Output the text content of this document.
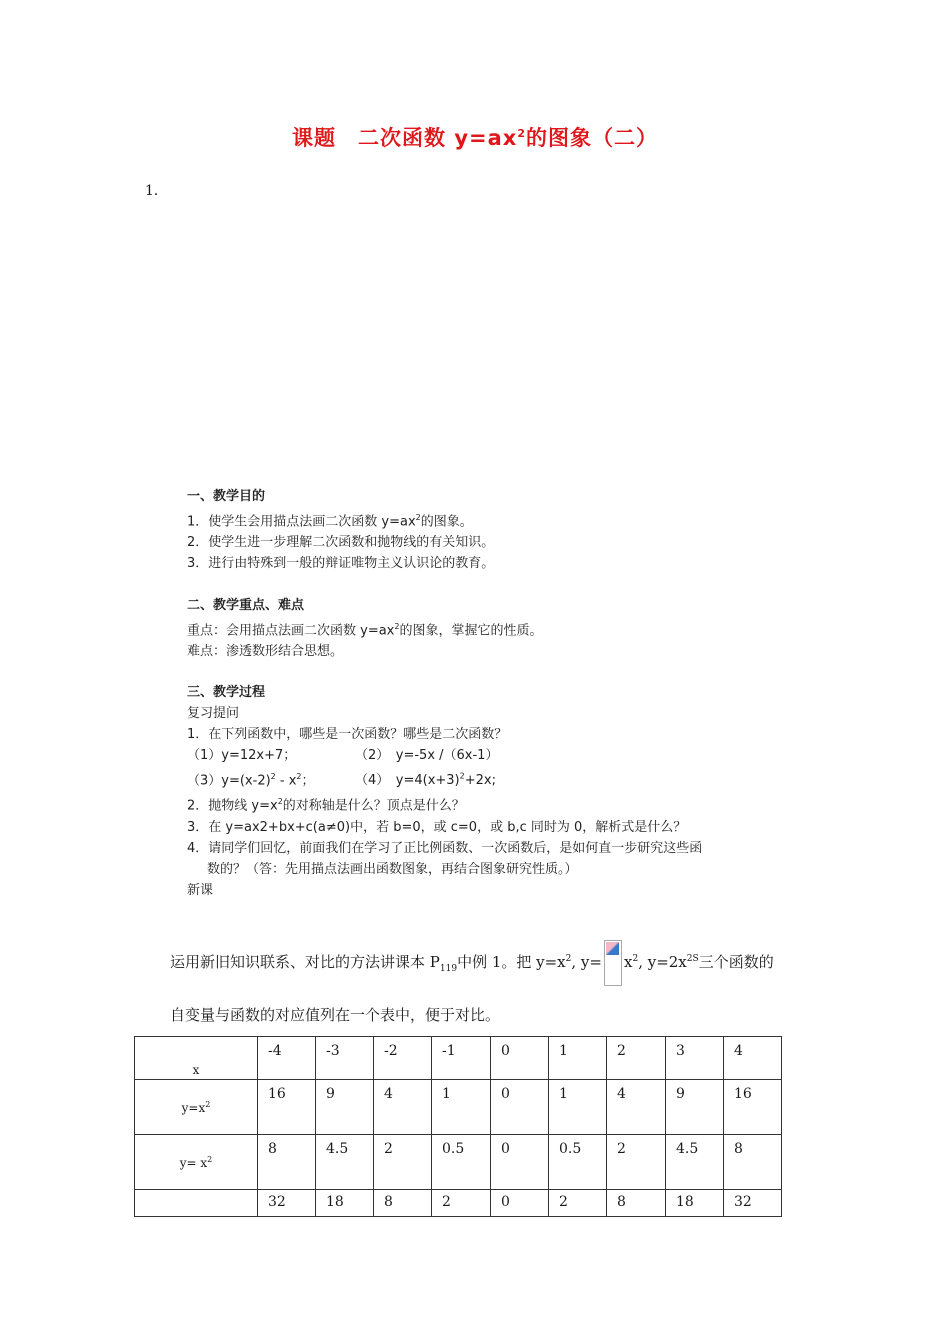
课题　二次函数 $y=ax^2$的图象（二）
1．
一、教学目的
1．使学生会用描点法画二次函数 $y=ax^2$的图象。
2．使学生进一步理解二次函数和抛物线的有关知识。
3．进行由特殊到一般的辩证唯物主义认识论的教育。
二、教学重点、难点
重点：会用描点法画二次函数 $y=ax^2$的图象，掌握它的性质。
难点：渗透数形结合思想。
三、教学过程
复习提问
1．在下列函数中，哪些是一次函数？哪些是二次函数？
（1）y=12x+7；	（2）　y=-5x /（6x-1）
$(3)y=(x-2)^2 - x^2$；	（4）　$y=4(x+3)^2+2x$;
2．抛物线 $y=x^2$的对称轴是什么？顶点是什么？
3．在 y=ax2+bx+c(a≠0)中，若 b=0，或 c=0，或 b,c 同时为 0，解析式是什么？
4．请同学们回忆，前面我们在学习了正比例函数、一次函数后，是如何直一步研究这些函
数的？（答：先用描点法画出函数图象，再结合图象研究性质。）
新课
运用新旧知识联系、对比的方法讲课本 $P_{119}$中例 1。把 $y=x^2$, $y= x^2$, $y=2x^{2S}$三个函数的
自变量与函数的对应值列在一个表中，便于对比。
x	-4	-3	-2	-1	0	1	2	3	4
$y=x^2$	16	9	4	1	0	1	4	9	16
$y= x^2$	8	4.5	2	0.5	0	0.5	2	4.5	8
	32	18	8	2	0	2	8	18	32
